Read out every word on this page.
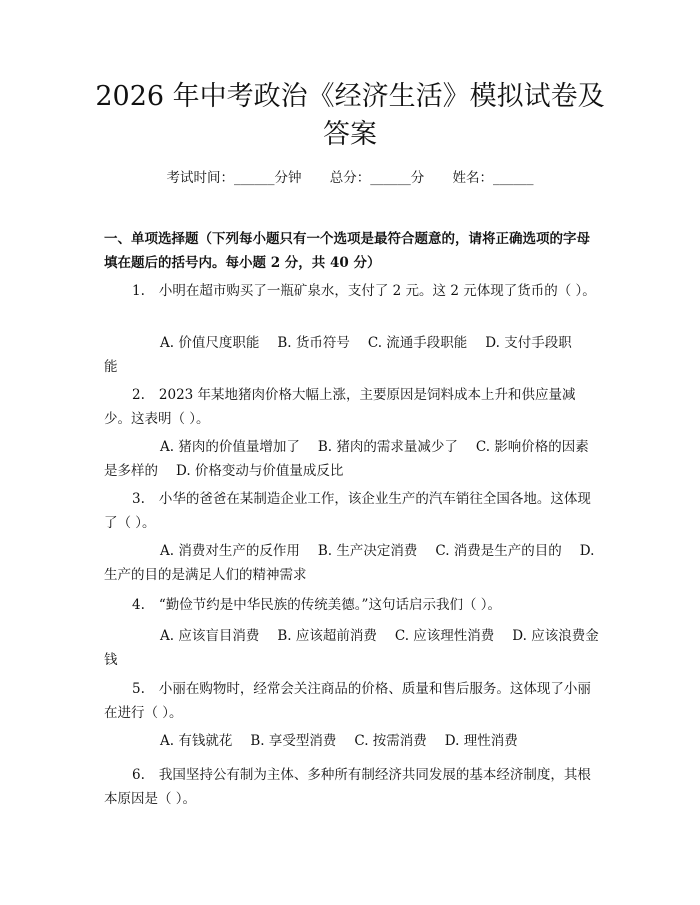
2026 年中考政治《经济生活》模拟试卷及答案
考试时间：______分钟 总分：______分 姓名：______

一、单项选择题（下列每小题只有一个选项是最符合题意的，请将正确选项的字母填在题后的括号内。每小题 2 分，共 40 分）

1. 小明在超市购买了一瓶矿泉水，支付了 2 元。这 2 元体现了货币的（ ）。

A. 价值尺度职能 B. 货币符号 C. 流通手段职能 D. 支付手段职能

2. 2023 年某地猪肉价格大幅上涨，主要原因是饲料成本上升和供应量减少。这表明（ ）。

A. 猪肉的价值量增加了 B. 猪肉的需求量减少了 C. 影响价格的因素是多样的 D. 价格变动与价值量成反比

3. 小华的爸爸在某制造企业工作，该企业生产的汽车销往全国各地。这体现了（ ）。

A. 消费对生产的反作用 B. 生产决定消费 C. 消费是生产的目的 D. 生产的目的是满足人们的精神需求

4. “勤俭节约是中华民族的传统美德。”这句话启示我们（ ）。

A. 应该盲目消费 B. 应该超前消费 C. 应该理性消费 D. 应该浪费金钱

5. 小丽在购物时，经常会关注商品的价格、质量和售后服务。这体现了小丽在进行（ ）。

A. 有钱就花 B. 享受型消费 C. 按需消费 D. 理性消费

6. 我国坚持公有制为主体、多种所有制经济共同发展的基本经济制度，其根本原因是（ ）。
